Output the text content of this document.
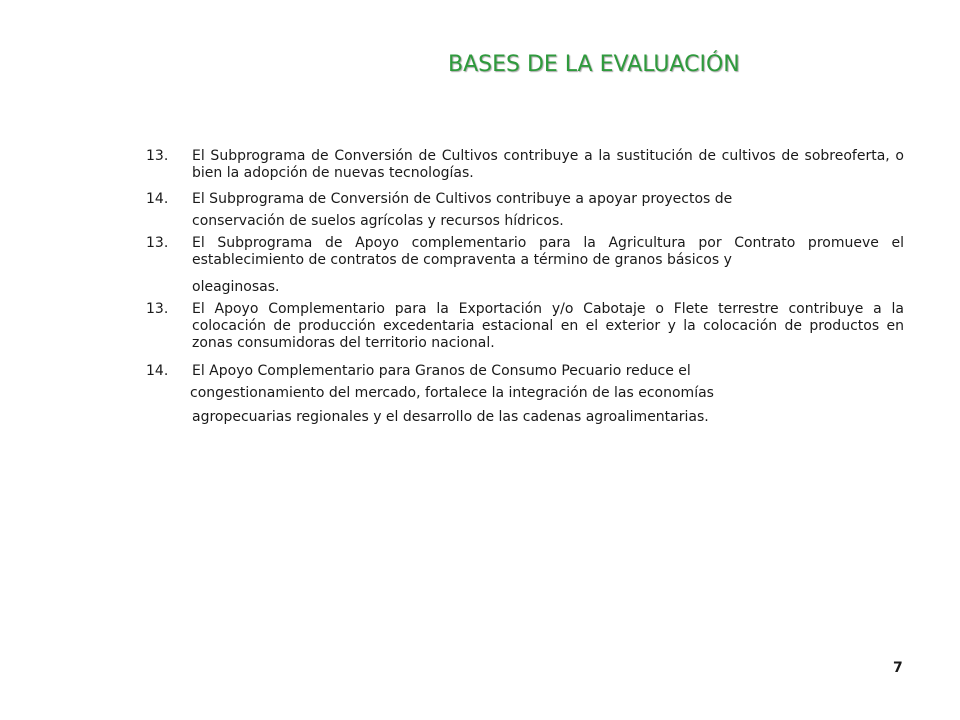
BASES DE LA EVALUACIÓN
13.	El Subprograma de Conversión de Cultivos contribuye a la sustitución de cultivos de sobreoferta, o bien la adopción de nuevas tecnologías.
14. El Subprograma de Conversión de Cultivos contribuye a apoyar proyectos de
conservación de suelos agrícolas y recursos hídricos.
13.	El Subprograma de Apoyo complementario para la Agricultura por Contrato promueve el establecimiento de contratos de compraventa a término de granos básicos y
oleaginosas.
13.	El Apoyo Complementario para la Exportación y/o Cabotaje o Flete terrestre contribuye a la colocación de producción excedentaria estacional en el exterior y la colocación de productos en zonas consumidoras del territorio nacional.
14. El Apoyo Complementario para Granos de Consumo Pecuario reduce el
congestionamiento del mercado, fortalece la integración de las economías
agropecuarias regionales y el desarrollo de las cadenas agroalimentarias.
7
